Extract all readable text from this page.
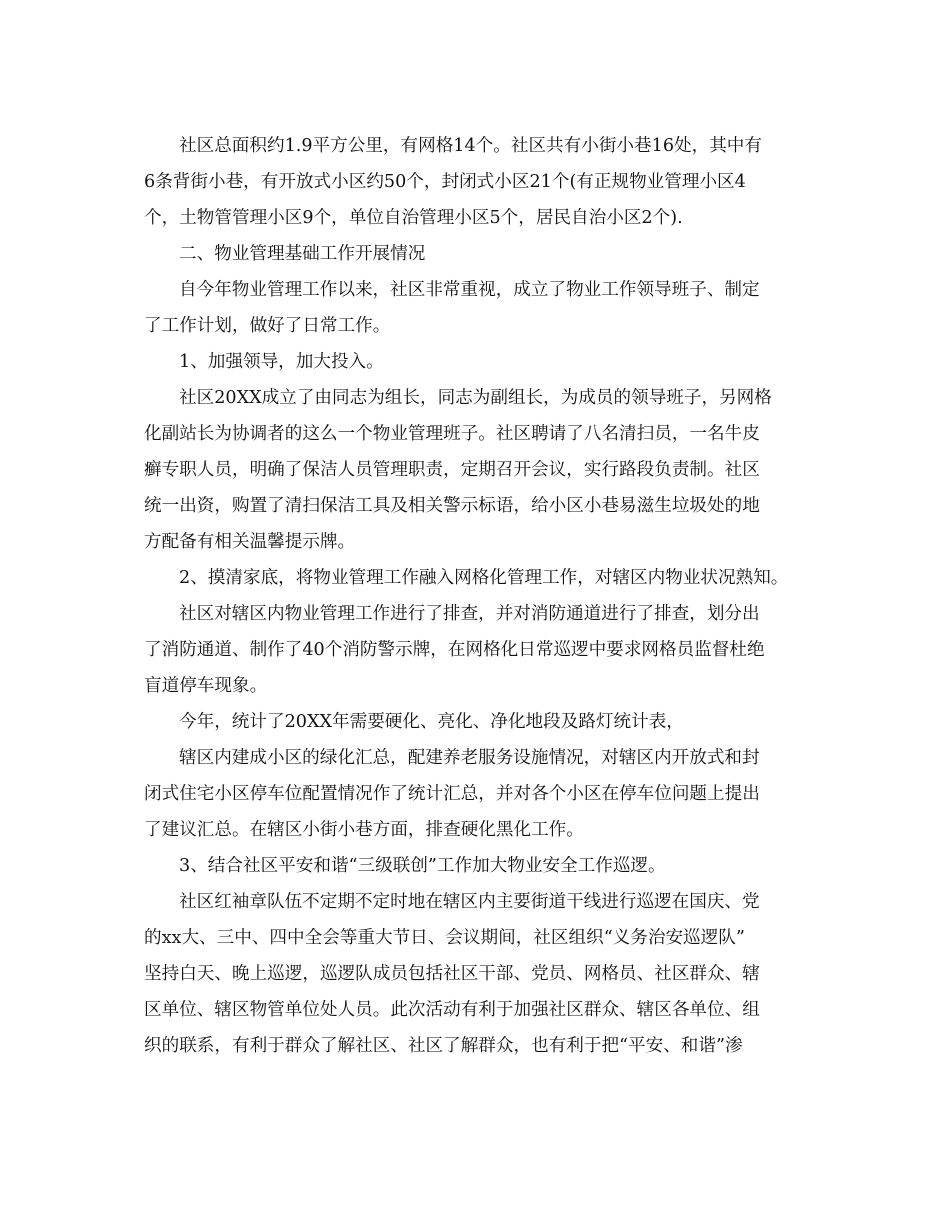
社区总面积约1.9平方公里，有网格14个。社区共有小街小巷16处，其中有

6条背街小巷，有开放式小区约50个，封闭式小区21个(有正规物业管理小区4

个，土物管管理小区9个，单位自治管理小区5个，居民自治小区2个).

二、物业管理基础工作开展情况

自今年物业管理工作以来，社区非常重视，成立了物业工作领导班子、制定

了工作计划，做好了日常工作。

1、加强领导，加大投入。

社区20XX成立了由同志为组长，同志为副组长，为成员的领导班子，另网格

化副站长为协调者的这么一个物业管理班子。社区聘请了八名清扫员，一名牛皮

癣专职人员，明确了保洁人员管理职责，定期召开会议，实行路段负责制。社区

统一出资，购置了清扫保洁工具及相关警示标语，给小区小巷易滋生垃圾处的地

方配备有相关温馨提示牌。

2、摸清家底，将物业管理工作融入网格化管理工作，对辖区内物业状况熟知。

社区对辖区内物业管理工作进行了排查，并对消防通道进行了排查，划分出

了消防通道、制作了40个消防警示牌，在网格化日常巡逻中要求网格员监督杜绝

盲道停车现象。

今年，统计了20XX年需要硬化、亮化、净化地段及路灯统计表，

辖区内建成小区的绿化汇总，配建养老服务设施情况，对辖区内开放式和封

闭式住宅小区停车位配置情况作了统计汇总，并对各个小区在停车位问题上提出

了建议汇总。在辖区小街小巷方面，排查硬化黑化工作。

3、结合社区平安和谐“三级联创”工作加大物业安全工作巡逻。

社区红袖章队伍不定期不定时地在辖区内主要街道干线进行巡逻在国庆、党

的xx大、三中、四中全会等重大节日、会议期间，社区组织“义务治安巡逻队”

坚持白天、晚上巡逻，巡逻队成员包括社区干部、党员、网格员、社区群众、辖

区单位、辖区物管单位处人员。此次活动有利于加强社区群众、辖区各单位、组

织的联系，有利于群众了解社区、社区了解群众，也有利于把“平安、和谐”渗
